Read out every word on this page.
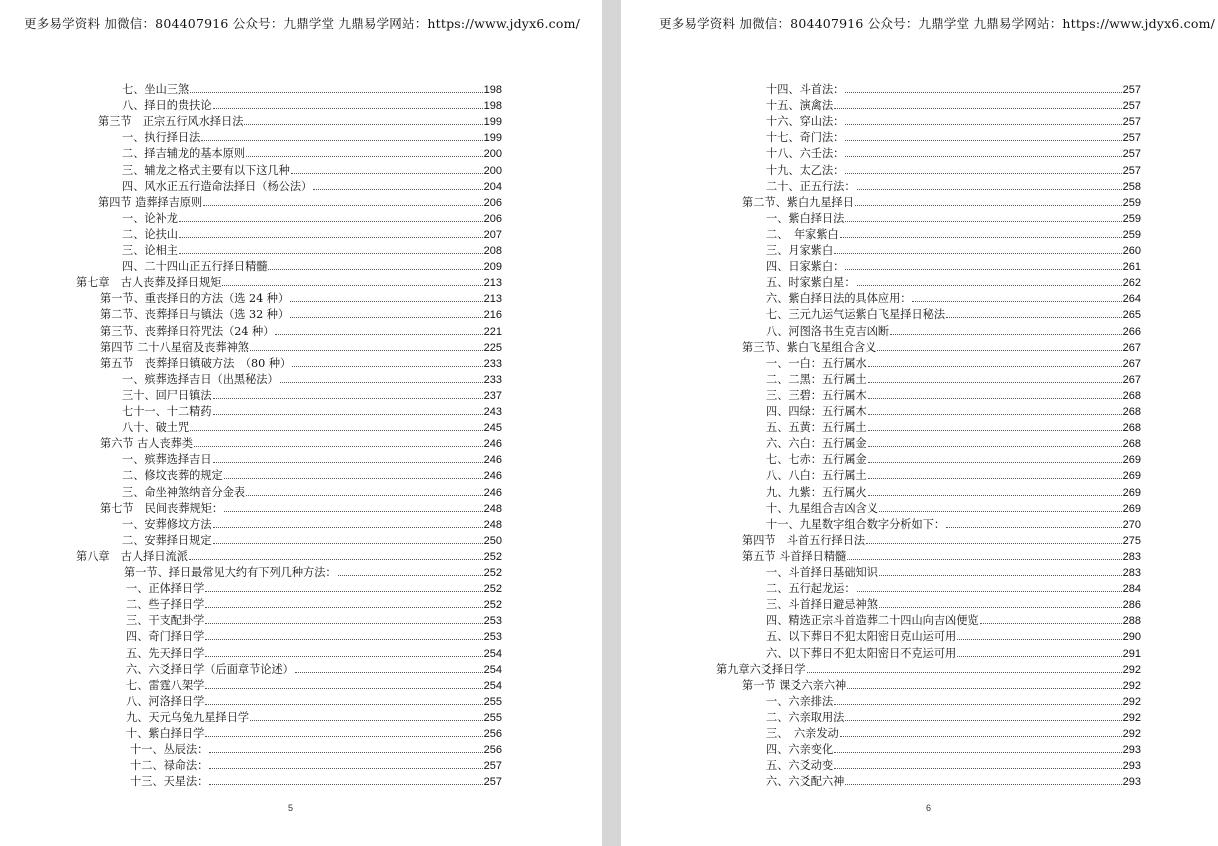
更多易学资料 加微信：804407916 公众号：九鼎学堂 九鼎易学网站：https://www.jdyx6.com/
七、坐山三煞	198
八、择日的贵扶论	198
第三节　正宗五行风水择日法	199
一、执行择日法	199
二、择吉辅龙的基本原则	200
三、辅龙之格式主要有以下这几种	200
四、风水正五行造命法择日（杨公法）	204
第四节 造葬择吉原则	206
一、论补龙	206
二、论扶山	207
三、论相主	208
四、二十四山正五行择日精髓	209
第七章　古人丧葬及择日规矩	213
第一节、重丧择日的方法（选 24 种）	213
第二节、丧葬择日与镇法（选 32 种）	216
第三节、丧葬择日符咒法（24 种）	221
第四节 二十八星宿及丧葬神煞	225
第五节　丧葬择日镇破方法　（80 种）	233
一、殡葬选择吉日（出黑秘法）	233
三十、回尸日镇法	237
七十一、十二精药	243
八十、破土咒	245
第六节 古人丧葬类	246
一、殡葬选择吉日	246
二、修坟丧葬的规定	246
三、命坐神煞纳音分金表	246
第七节　民间丧葬规矩：	248
一、安葬修坟方法	248
二、安葬择日规定	250
第八章　古人择日流派	252
第一节、择日最常见大约有下列几种方法：	252
一、正体择日学	252
二、些子择日学	252
三、干支配卦学	253
四、奇门择日学	253
五、先天择日学	254
六、六爻择日学（后面章节论述）	254
七、雷霆八架学	254
八、河洛择日学	255
九、天元乌兔九星择日学	255
十、紫白择日学	256
十一、丛辰法：	256
十二、禄命法：	257
十三、天星法：	257
5
更多易学资料 加微信：804407916 公众号：九鼎学堂 九鼎易学网站：https://www.jdyx6.com/
十四、斗首法：	257
十五、演禽法	257
十六、穿山法：	257
十七、奇门法：	257
十八、六壬法：	257
十九、太乙法：	257
二十、正五行法：	258
第二节、紫白九星择日	259
一、紫白择日法	259
二、　年家紫白	259
三、月家紫白	260
四、日家紫白：	261
五、时家紫白星：	262
六、紫白择日法的具体应用：	264
七、三元九运气运紫白飞星择日秘法	265
八、河图洛书生克吉凶断	266
第三节、紫白飞星组合含义	267
一、一白：五行属水	267
二、二黑：五行属土	267
三、三碧：五行属木	268
四、四绿：五行属木	268
五、五黄：五行属土	268
六、六白：五行属金	268
七、七赤：五行属金	269
八、八白：五行属土	269
九、九紫：五行属火	269
十、九星组合吉凶含义	269
十一、九星数字组合数字分析如下：	270
第四节　斗首五行择日法	275
第五节 斗首择日精髓	283
一、斗首择日基础知识	283
二、五行起龙运：	284
三、斗首择日避忌神煞	286
四、精选正宗斗首造葬二十四山向吉凶便览	288
五、以下葬日不犯太阳密日克山运可用	290
六、以下葬日不犯太阳密日不克运可用	291
第九章六爻择日学	292
第一节 课爻六亲六神	292
一、六亲排法	292
二、六亲取用法	292
三、　六亲发动	292
四、六亲变化	293
五、六爻动变	293
六、六爻配六神	293
6
